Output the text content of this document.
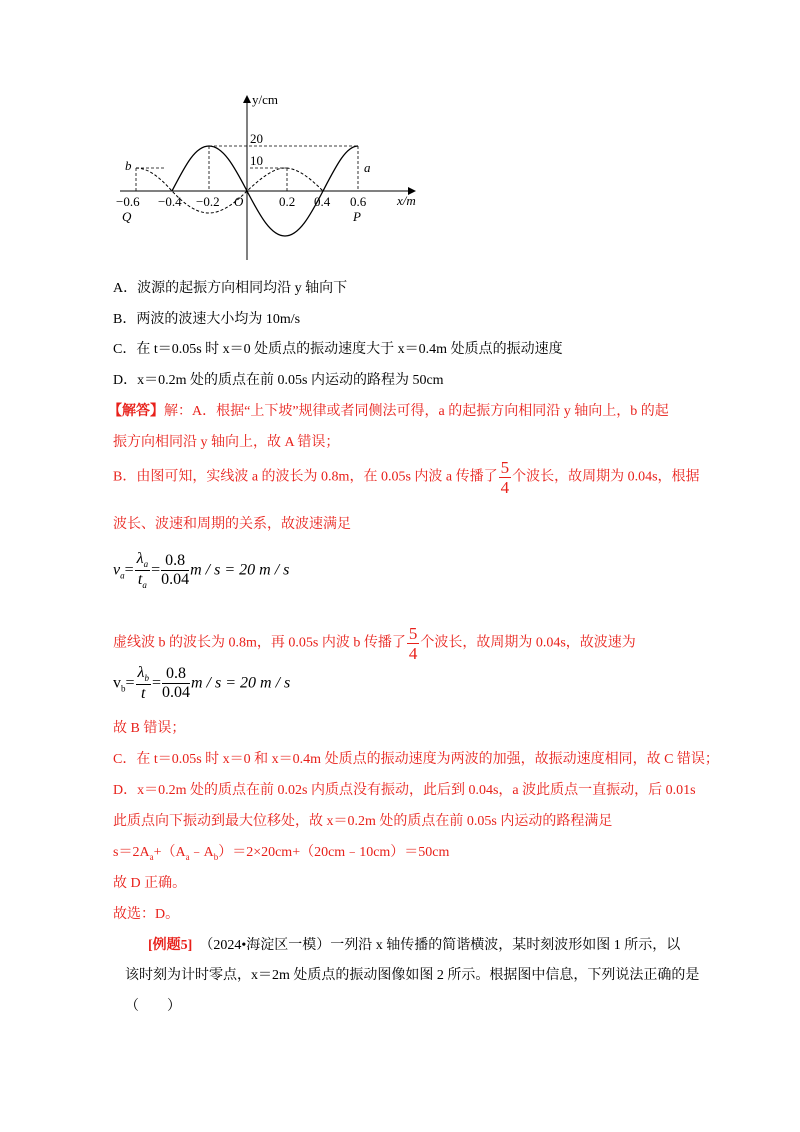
y/cm
x/m
20
10
−0.6 −0.4 −0.2 O	0.2 0.4 0.6
Q	P
a
b
A．波源的起振方向相同均沿 y 轴向下
B．两波的波速大小均为 10m/s
C．在 t＝0.05s 时 x＝0 处质点的振动速度大于 x＝0.4m 处质点的振动速度
D．x＝0.2m 处的质点在前 0.05s 内运动的路程为 50cm
【解答】解：A．根据“上下坡”规律或者同侧法可得，a 的起振方向相同沿 y 轴向上，b 的起
振方向相同沿 y 轴向上，故 A 错误；
B．由图可知，实线波 a 的波长为 0.8m，在 0.05s 内波 a 传播了 $\frac{5}{4}$ 个波长，故周期为 0.04s，根据
波长、波速和周期的关系，故波速满足
$v_a= \frac{\lambda_a}{t_a} = \frac{0.8}{0.04}$ m / s = 20 m / s
虚线波 b 的波长为 0.8m，再 0.05s 内波 b 传播了 $\frac{5}{4}$ 个波长，故周期为 0.04s，故波速为
$v_b= \frac{\lambda_b}{t} = \frac{0.8}{0.04}$ m / s = 20 m / s
故 B 错误；
C．在 t＝0.05s 时 x＝0 和 x＝0.4m 处质点的振动速度为两波的加强，故振动速度相同，故 C 错误；
D．x＝0.2m 处的质点在前 0.02s 内质点没有振动，此后到 0.04s，a 波此质点一直振动，后 0.01s
此质点向下振动到最大位移处，故 x＝0.2m 处的质点在前 0.05s 内运动的路程满足
$s=2A_a+(A_a﹣A_b)=2\times 20cm+(20cm﹣10cm)=50cm$
故 D 正确。
故选：D。
[例题5]　 （2024•海淀区一模）一列沿 x 轴传播的简谐横波，某时刻波形如图 1 所示，以
该时刻为计时零点，x＝2m 处质点的振动图像如图 2 所示。根据图中信息，下列说法正确的是
（　　）
